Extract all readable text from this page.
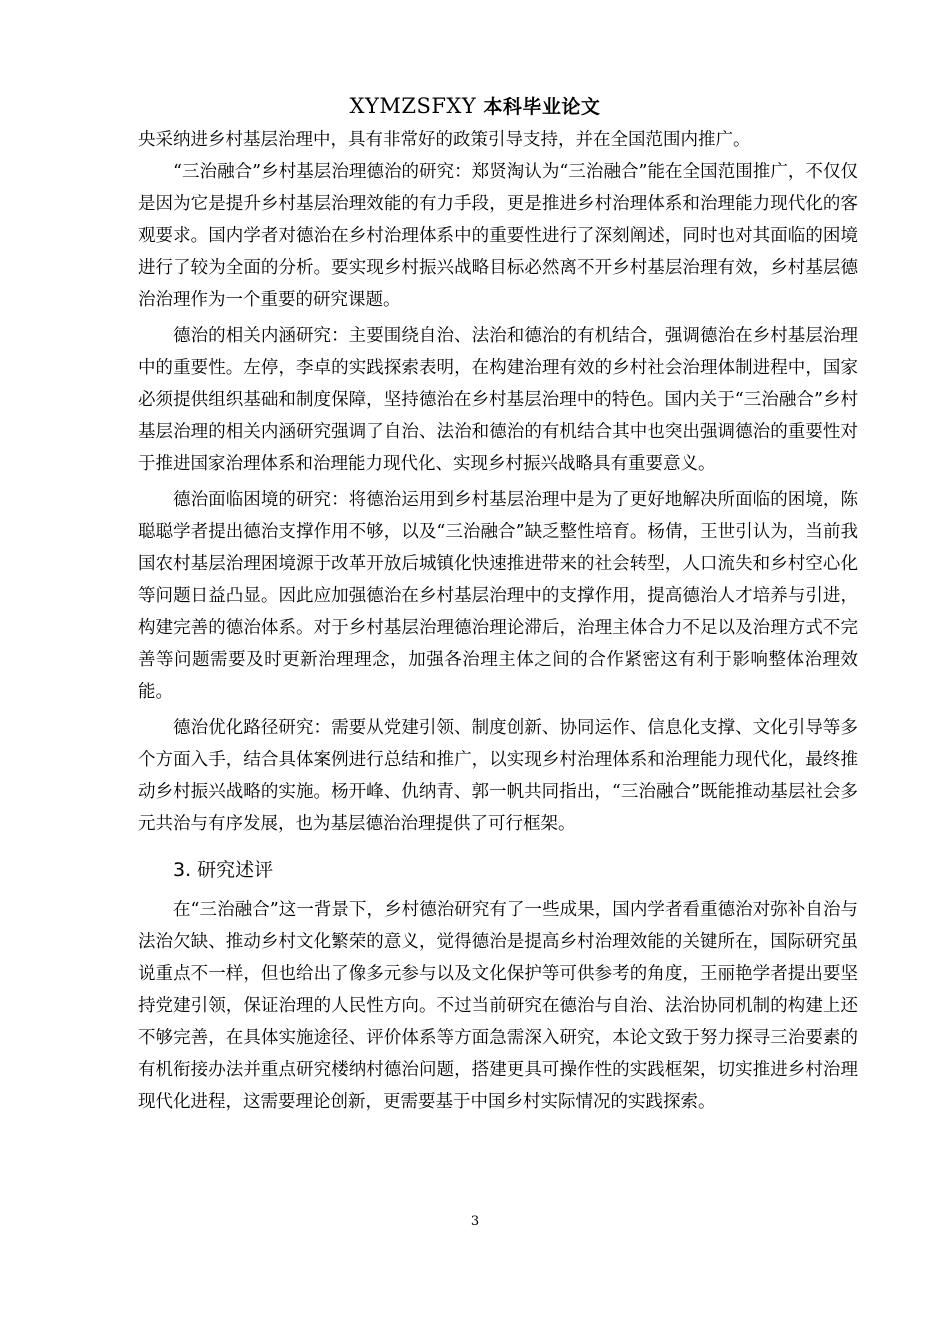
XYMZSFXY 本科毕业论文

央采纳进乡村基层治理中，具有非常好的政策引导支持，并在全国范围内推广。

“三治融合”乡村基层治理德治的研究：郑贤淘认为“三治融合”能在全国范围推广，不仅仅是因为它是提升乡村基层治理效能的有力手段，更是推进乡村治理体系和治理能力现代化的客观要求。国内学者对德治在乡村治理体系中的重要性进行了深刻阐述，同时也对其面临的困境进行了较为全面的分析。要实现乡村振兴战略目标必然离不开乡村基层治理有效，乡村基层德治治理作为一个重要的研究课题。

德治的相关内涵研究：主要围绕自治、法治和德治的有机结合，强调德治在乡村基层治理中的重要性。左停，李卓的实践探索表明，在构建治理有效的乡村社会治理体制进程中，国家必须提供组织基础和制度保障，坚持德治在乡村基层治理中的特色。国内关于“三治融合”乡村基层治理的相关内涵研究强调了自治、法治和德治的有机结合其中也突出强调德治的重要性对于推进国家治理体系和治理能力现代化、实现乡村振兴战略具有重要意义。

德治面临困境的研究：将德治运用到乡村基层治理中是为了更好地解决所面临的困境，陈聪聪学者提出德治支撑作用不够，以及“三治融合”缺乏整性培育。杨倩，王世引认为，当前我国农村基层治理困境源于改革开放后城镇化快速推进带来的社会转型，人口流失和乡村空心化等问题日益凸显。因此应加强德治在乡村基层治理中的支撑作用，提高德治人才培养与引进，构建完善的德治体系。对于乡村基层治理德治理论滞后，治理主体合力不足以及治理方式不完善等问题需要及时更新治理理念，加强各治理主体之间的合作紧密这有利于影响整体治理效能。

德治优化路径研究：需要从党建引领、制度创新、协同运作、信息化支撑、文化引导等多个方面入手，结合具体案例进行总结和推广，以实现乡村治理体系和治理能力现代化，最终推动乡村振兴战略的实施。杨开峰、仇纳青、郭一帆共同指出，“三治融合”既能推动基层社会多元共治与有序发展，也为基层德治治理提供了可行框架。

3. 研究述评

在“三治融合”这一背景下，乡村德治研究有了一些成果，国内学者看重德治对弥补自治与法治欠缺、推动乡村文化繁荣的意义，觉得德治是提高乡村治理效能的关键所在，国际研究虽说重点不一样，但也给出了像多元参与以及文化保护等可供参考的角度，王丽艳学者提出要坚持党建引领，保证治理的人民性方向。不过当前研究在德治与自治、法治协同机制的构建上还不够完善，在具体实施途径、评价体系等方面急需深入研究，本论文致于努力探寻三治要素的有机衔接办法并重点研究楼纳村德治问题，搭建更具可操作性的实践框架，切实推进乡村治理现代化进程，这需要理论创新，更需要基于中国乡村实际情况的实践探索。

3
